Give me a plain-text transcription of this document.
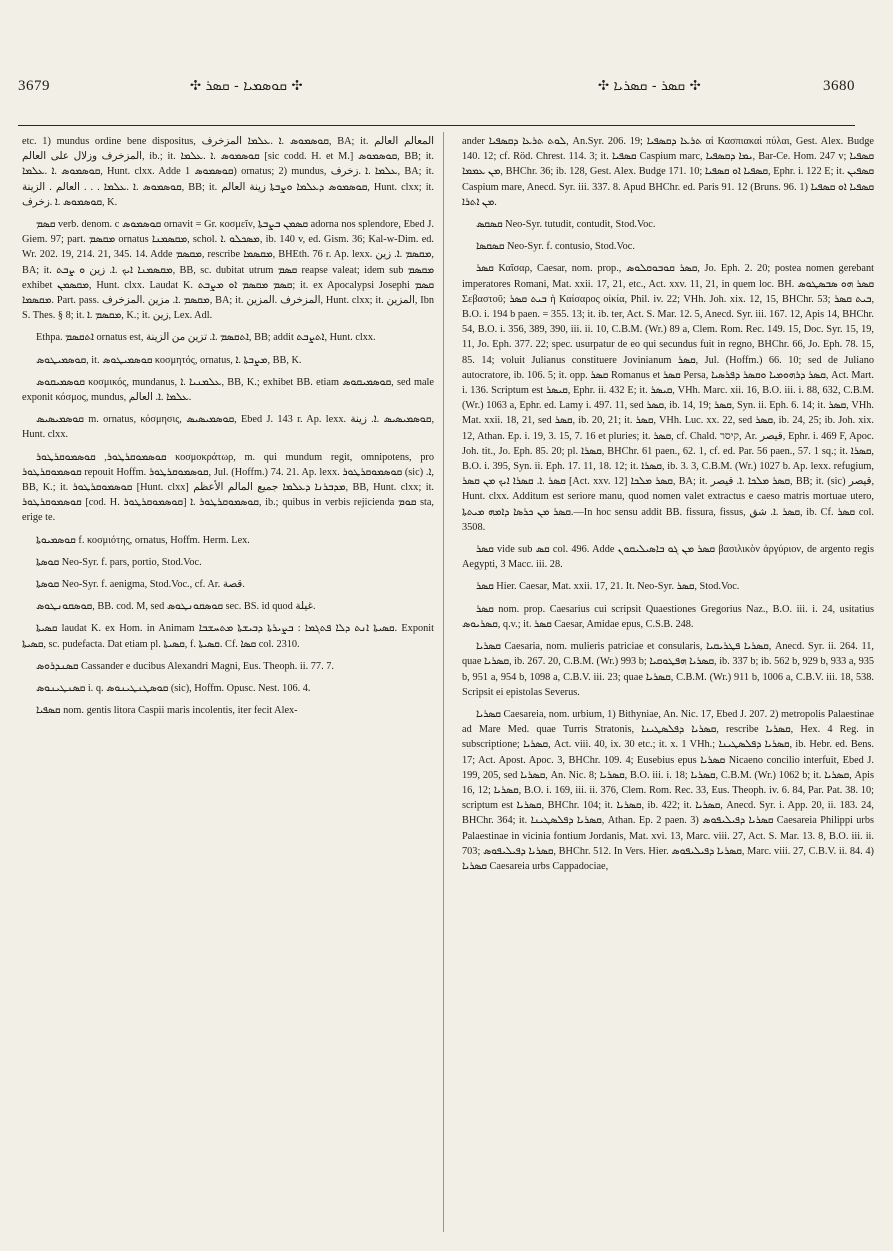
3679	✣ ܩܘܣܡܝܐ - ܩܣܪ ✣	✣ ܩܣܪ - ܩܣܪܝܐ ✣	3680

etc. 1) mundus ordine bene dispositus, ܩܘܣܡܘܣ .ܐ .ܥܠܡܐ المزخرف, BA; it. المعالم العالم المزخرف وزلال على العالم, ib.; it. ܩܘܣܡܘܣ .ܐ .ܥܠܡܐ [sic codd. H. et M.] ܩܘܣܡܘܣ, BB; it. ܩܘܣܡܘܣ .ܐ .ܥܠܡܐ, Hunt. clxx. Adde ܩܘܣܡܘܣ 1) ornatus; 2) mundus, ܥܠܡܐ .ܐ .زخرف, BA; it. ܩܘܣܡܘܣ .ܐ .ܥܠܡܐ . . . العالم . الزينة, BB; it. ܩܘܣܡܘܣ ܕܥܠܡܐ ܘܨܒܬܐ زينة العالم, Hunt. clxx; it. ܩܘܣܡܘܣ .ܐ .زخرف, K.

ܩܣܡ verb. denom. c ܩܘܣܡܘܣ ornavit = Gr. κοσμεῖν, ܩܣܡܢ ܒܨܒܬܐ adorna nos splendore, Ebed J. Giem. 97; part. ܡܩܣܡ ornatus ܡܩܣܡܢܐ, schol. ܡܣܟܠܘ .ܐ, ib. 140 v, ed. Gism. 36; Kal-w-Dim. ed. Wr. 202. 19, 214. 21, 345. 14. Adde ܡܩܣܡ, rescribe ܡܩܣܡܐ, BHEth. 76 r. Ap. lexx. ܡܩܣܡ .ܐ. زين, BA; it. ܡܩܣܡܢܐ ܐܝܟ .ܐ. زين ܘ ܨܒܬ, BB, sc. dubitat utrum ܩܣܡ reapse valeat; idem sub ܡܩܣܡ exhibet ܡܩܣܡܢ, Hunt. clxx. Laudat K. ܩܣܡ ܡܩܣܡ ܐܘ ܡܨܒܬ; it. ex Apocalypsi Josephi ܩܣܡ ܡܩܣܡܐ. Part. pass. ܡܩܣܡ .ܐ. مزين .المزخرف, BA; it. المزخرف .المزين, Hunt. clxx; it. المزين, Ibn S. Thes. § 8; it. ܡܩܣܡ .ܐ, K.; it. زين, Lex. Adl.

Ethpa. ܐܬܩܣܡ ornatus est, ܐܬܩܣܡ .ܐ. تزين من الزينة, BB; addit ܐܬܨܒܬ, Hunt. clxx.

ܩܘܣܡܝܛܘܣ, it. ܩܘܣܡܝܛܘܣ κοσμητός, ornatus, ܡܨܒܬܐ .ܐ, BB, K.

ܩܘܣܡܝܩܘܣ κοσμικός, mundanus, ܥܠܡܢܝܐ .ܐ, BB, K.; exhibet BB. etiam ܩܘܣܡܝܩܘܣ, sed male exponit κόσμος, mundus, ܥܠܡܐ .ܐ. العالم.

ܩܘܣܡܝܣܝܣ m. ornatus, κόσμησις, ܩܘܣܡܝܣܝܣ, Ebed J. 143 r. Ap. lexx. ܩܘܣܡܝܣܝܣ .ܐ. زينة, Hunt. clxx.

ܩܘܣܡܘܩܪܛܘܪ, ܩܘܣܡܘܩܪܛܘܪ κοσμοκράτωρ, m. qui mundum regit, omnipotens, pro ܩܘܣܡܘܩܪܛܘܪ repouit Hoffm. ܩܘܣܡܘܩܪܛܘܪ, Jul. (Hoffm.) 74. 21. Ap. lexx. ܩܘܣܡܘܩܪܛܘܪ (sic) .ܐ, BB, K.; it. ܩܘܣܡܘܩܪܛܘܪ [Hunt. clxx] ܡܕܒܪܢܐ ܕܥܠܡܐ جميع المالم الأعظم, BB, Hunt. clxx; it. ܩܘܣܡܘܩܪܛܘܪ [cod. H. ܩܘܣܡܘܩܪܛܘܪ] ܩܘܣܡܘܩܪܛܘܪ .ܐ, ib.; quibus in verbis rejicienda ܩܘܡ sta, erige te.

ܩܘܣܡܝܘܬܐ f. κοσμιότης, ornatus, Hoffm. Herm. Lex.

ܩܘܣܬܐ Neo-Syr. f. pars, portio, Stod.Voc.

ܩܘܣܬܐ Neo-Syr. f. aenigma, Stod.Voc., cf. Ar. قصة.

ܩܘܣܩܘܢܛܘܣ, BB. cod. M, sed ܩܘܣܩܘܢܛܘܣ sec. BS. id quod غيلة.

ܩܣܝܬܐ laudat K. ex Hom. in Animam ܩܣܝܬܐ ܐܢܬ ܕܠܐ ܦܬܓܡܐ : ܒܨܝܪܬܐ ܕܒܝܫܬܐ ܡܬܚܫܒܐ. Exponit ܩܣܝܬܐ, sc. pudefacta. Dat etiam pl. ܩܣܝܬܐ, f. ܩܣܝܬܐ. Cf. ܩܣܐ col. 2310.

ܩܣܢܕܪܘܣ Cassander e ducibus Alexandri Magni, Eus. Theoph. ii. 77. 7.

ܩܣܢܛܝܢܘܣ i. q. ܩܘܣܛܢܛܝܢܘܣ (sic), Hoffm. Opusc. Nest. 106. 4.

ܩܣܦܝܐ nom. gentis litora Caspii maris incolentis, iter fecit Alex-

ander ܠܘܬ ܬܪܥܐ ܕܩܣܦܝܐ, An.Syr. 206. 19; ܬܪܥܐ ܕܩܣܦܝܐ αἱ Κασπιακαὶ πύλαι, Gest. Alex. Budge 140. 12; cf. Röd. Chrest. 114. 3; it. ܩܣܦܝܐ Caspium marc, ܝܡܐ ܕܩܣܦܝܐ, Bar-Ce. Hom. 247 v; ܩܣܦܝܐ ܡܢ ܥܡܡܐ, BHChr. 36; ib. 128, Gest. Alex. Budge 171. 10; ܩܣܦܝܐ ܐܘ ܩܣܦܝܐ, Ephr. i. 122 E; it. ܩܣܦܝܢ Caspium mare, Anecd. Syr. iii. 337. 8. Apud BHChr. ed. Paris 91. 12 (Bruns. 96. 1) ܩܣܦܝܐ ܐܘ ܩܣܦܝܐ ܡܢ ܐܬܪܐ.

ܩܣܩܣ Neo-Syr. tutudit, contudit, Stod.Voc.

ܩܣܩܣܐ Neo-Syr. f. contusio, Stod.Voc.

ܩܣܪ Καῖσαρ, Caesar, nom. prop., ܩܣܪ ܩܘܒܘܩܠܘܣ, Jo. Eph. 2. 20; postea nomen gerebant imperatores Romani, Mat. xxii. 17, 21, etc., Act. xxv. 11, 21, in quem loc. BH. ܩܣܪ ܗܘ ܣܒܣܛܘܣ Σεβαστοῦ; ܒܝܬ ܩܣܪ ἡ Καίσαρος οἰκία, Phil. iv. 22; VHh. Joh. xix. 12, 15, BHChr. 53; ܒܝܬ ܩܣܪ, B.O. i. 194 b paen. = 355. 13; it. ib. ter, Act. S. Mar. 12. 5, Anecd. Syr. iii. 167. 12, Apis 14, BHChr. 54, B.O. i. 356, 389, 390, iii. ii. 10, C.B.M. (Wr.) 89 a, Clem. Rom. Rec. 149. 15, Doc. Syr. 15, 19, 11, Jo. Eph. 377. 22; spec. usurpatur de eo qui secundus fuit in regno, BHChr. 66, Jo. Eph. 78. 15, 85. 14; voluit Julianus constituere Jovinianum ܩܣܪ, Jul. (Hoffm.) 66. 10; sed de Juliano autocratore, ib. 106. 5; it. opp. ܩܣܪ Romanus et ܩܣܪ Persa, ܩܣܪ ܕܪܗܘܡܝܐ ܘܩܣܪ ܕܦܪܣܝܐ, Act. Mart. i. 136. Scriptum est ܩܝܣܪ, Ephr. ii. 432 E; it. ܩܝܣܪ, VHh. Marc. xii. 16, B.O. iii. i. 88, 632, C.B.M. (Wr.) 1063 a, Ephr. ed. Lamy i. 497. 11, sed ܩܣܪ, ib. 14, 19; ܩܣܪ, Syn. ii. Eph. 6. 14; it. ܩܣܪ, VHh. Mat. xxii. 18, 21, sed ܩܣܪ, ib. 20, 21; it. ܩܣܪ, VHh. Luc. xx. 22, sed ܩܣܪ, ib. 24, 25; ib. Joh. xix. 12, Athan. Ep. i. 19, 3. 15, 7. 16 et pluries; it. ܩܣܪ, cf. Chald. קיסר, Ar. قيصر, Ephr. i. 469 F, Apoc. Joh. tit., Jo. Eph. 85. 20; pl. ܩܣܪܐ, BHChr. 61 paen., 62. 1, cf. ed. Par. 56 paen., 57. 1 sq.; it. ܩܣܪܐ, B.O. i. 395, Syn. ii. Eph. 17. 11, 18. 12; it. ܩܣܪܐ, ib. 3. 3, C.B.M. (Wr.) 1027 b. Ap. lexx. refugium, ܩܣܪ .ܐ. ܩܣܪܐ ܐܝܟ ܡܢ ܩܣܪ [Act. xxv. 12] ܩܣܪ ܡܠܟܐ, BA; it. ܩܣܪ ܡܠܟܐ .ܐ. قيصر, BB; it. (sic) قيصر, Hunt. clxx. Additum est seriore manu, quod nomen valet extractus e caeso matris mortuae utero, ܩܣܪ ܡܢ ܟܪܣܐ ܕܐܡܗ ܡܝܬܬܐ.—In hoc sensu addit BB. fissura, fissus, ܩܣܪ .ܐ. شق, ib. Cf. ܩܣܪ col. 3508.

ܩܣܪ vide sub ܩܣ col. 496. Adde ܩܣܪ ܡܢ ܓܘ ܒܐܣܝܠܝܩܘܢ βασιλικὸν ἀργύριον, de argento regis Aegypti, 3 Macc. iii. 28.

ܩܣܪ Hier. Caesar, Mat. xxii. 17, 21. It. Neo-Syr. ܩܣܪ, Stod.Voc.

ܩܣܪ nom. prop. Caesarius cui scripsit Quaestiones Gregorius Naz., B.O. iii. i. 24, usitatius ܩܣܪܝܘܣ, q.v.; it. ܩܣܪ Caesar, Amidae epus, C.S.B. 248.

ܩܣܪܝܐ Caesaria, nom. mulieris patriciae et consularis, ܩܣܪܝܐ ܦܛܪܝܩܝܐ, Anecd. Syr. ii. 264. 11, quae ܩܣܪܝܐ, ib. 267. 20, C.B.M. (Wr.) 993 b; ܩܣܪܝܐ ܗܦܛܘܩܝܐ, ib. 337 b; ib. 562 b, 929 b, 933 a, 935 b, 951 a, 954 b, 1098 a, C.B.V. iii. 23; quae ܩܣܪܝܐ, C.B.M. (Wr.) 911 b, 1006 a, C.B.V. iii. 18, 538. Scripsit ei epistolas Severus.

ܩܣܪܝܐ Caesareia, nom. urbium, 1) Bithyniae, An. Nic. 17, Ebed J. 207. 2) metropolis Palaestinae ad Mare Med. quae Turris Stratonis, ܩܣܪܝܐ ܕܦܠܣܛܝܢܐ, rescribe ܩܣܪܝܐ, Hex. 4 Reg. in subscriptione; ܩܣܪܝܐ, Act. viii. 40, ix. 30 etc.; it. x. 1 VHh.; ܩܣܪܝܐ ܕܦܠܣܛܝܢܐ, ib. Hebr. ed. Bens. 17; Act. Apost. Apoc. 3, BHChr. 109. 4; Eusebius epus ܩܣܪܝܐ Nicaeno concilio interfuit, Ebed J. 199, 205, sed ܩܣܪܝܐ, An. Nic. 8; ܩܣܪܝܐ, B.O. iii. i. 18; ܩܣܪܝܐ, C.B.M. (Wr.) 1062 b; it. ܩܣܪܝܐ, Apis 16, 12; ܩܣܪܝܐ, B.O. i. 169, iii. ii. 376, Clem. Rom. Rec. 33, Eus. Theoph. iv. 6. 84, Par. Pat. 38. 10; scriptum est ܩܣܪܝܐ, BHChr. 104; it. ܩܣܪܝܐ, ib. 422; it. ܩܣܪܝܐ, Anecd. Syr. i. App. 20, ii. 183. 24, BHChr. 364; it. ܩܣܪܝܐ ܕܦܠܣܛܝܢܐ, Athan. Ep. 2 paen. 3) ܩܣܪܝܐ ܕܦܝܠܝܦܘܣ Caesareia Philippi urbs Palaestinae in vicinia fontium Jordanis, Mat. xvi. 13, Marc. viii. 27, Act. S. Mar. 13. 8, B.O. iii. ii. 703; ܩܣܪܝܐ ܕܦܝܠܝܦܘܣ, BHChr. 512. In Vers. Hier. ܩܣܪܝܐ ܕܦܝܠܝܦܘܣ, Marc. viii. 27, C.B.V. ii. 84. 4) ܩܣܪܝܐ Caesareia urbs Cappadociae,
